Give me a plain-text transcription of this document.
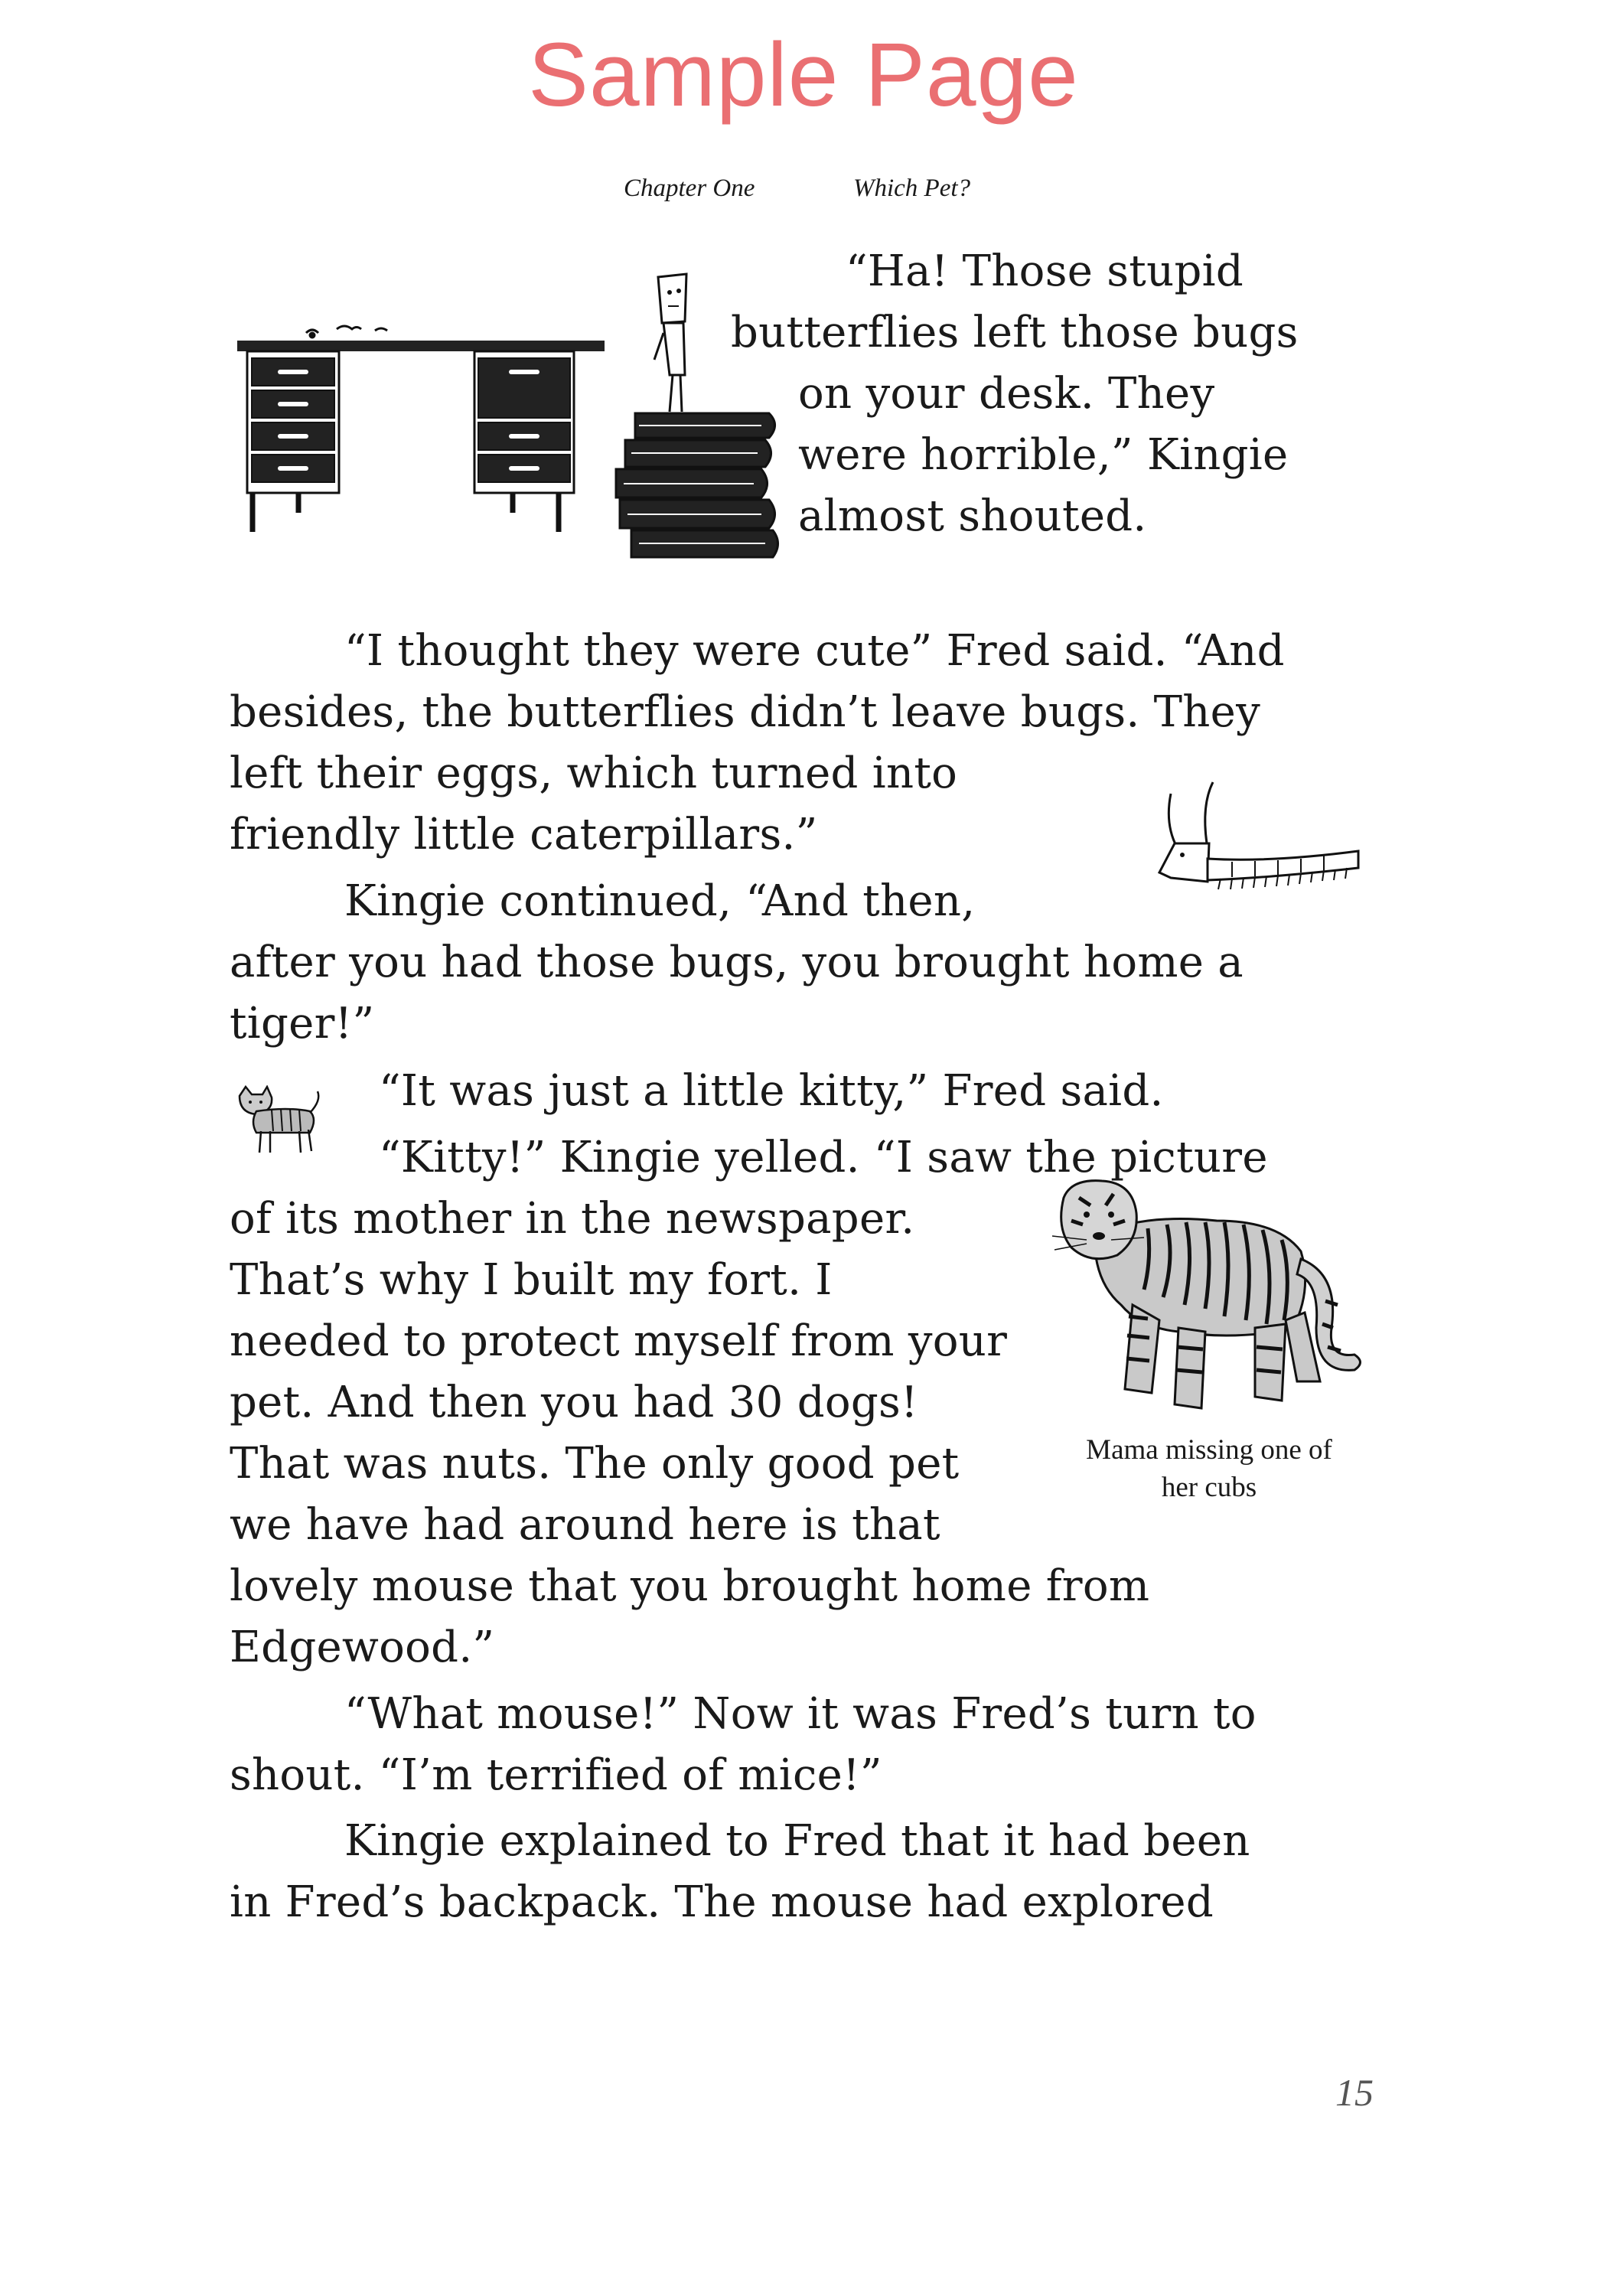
Sample Page
Chapter One	Which Pet?
“Ha! Those stupid
butterflies left those bugs
on your desk. They
were horrible,” Kingie
almost shouted.
“I thought they were cute” Fred said. “And
besides, the butterflies didn’t leave bugs. They
left their eggs, which turned into
friendly little caterpillars.”
Kingie continued, “And then,
after you had those bugs, you brought home a
tiger!”
“It was just a little kitty,” Fred said.
“Kitty!” Kingie yelled. “I saw the picture
of its mother in the newspaper.
That’s why I built my fort. I
needed to protect myself from your
pet. And then you had 30 dogs!
That was nuts. The only good pet
we have had around here is that
lovely mouse that you brought home from
Edgewood.”
“What mouse!” Now it was Fred’s turn to
shout. “I’m terrified of mice!”
Kingie explained to Fred that it had been
in Fred’s backpack. The mouse had explored
Mama missing one of
her cubs
15
